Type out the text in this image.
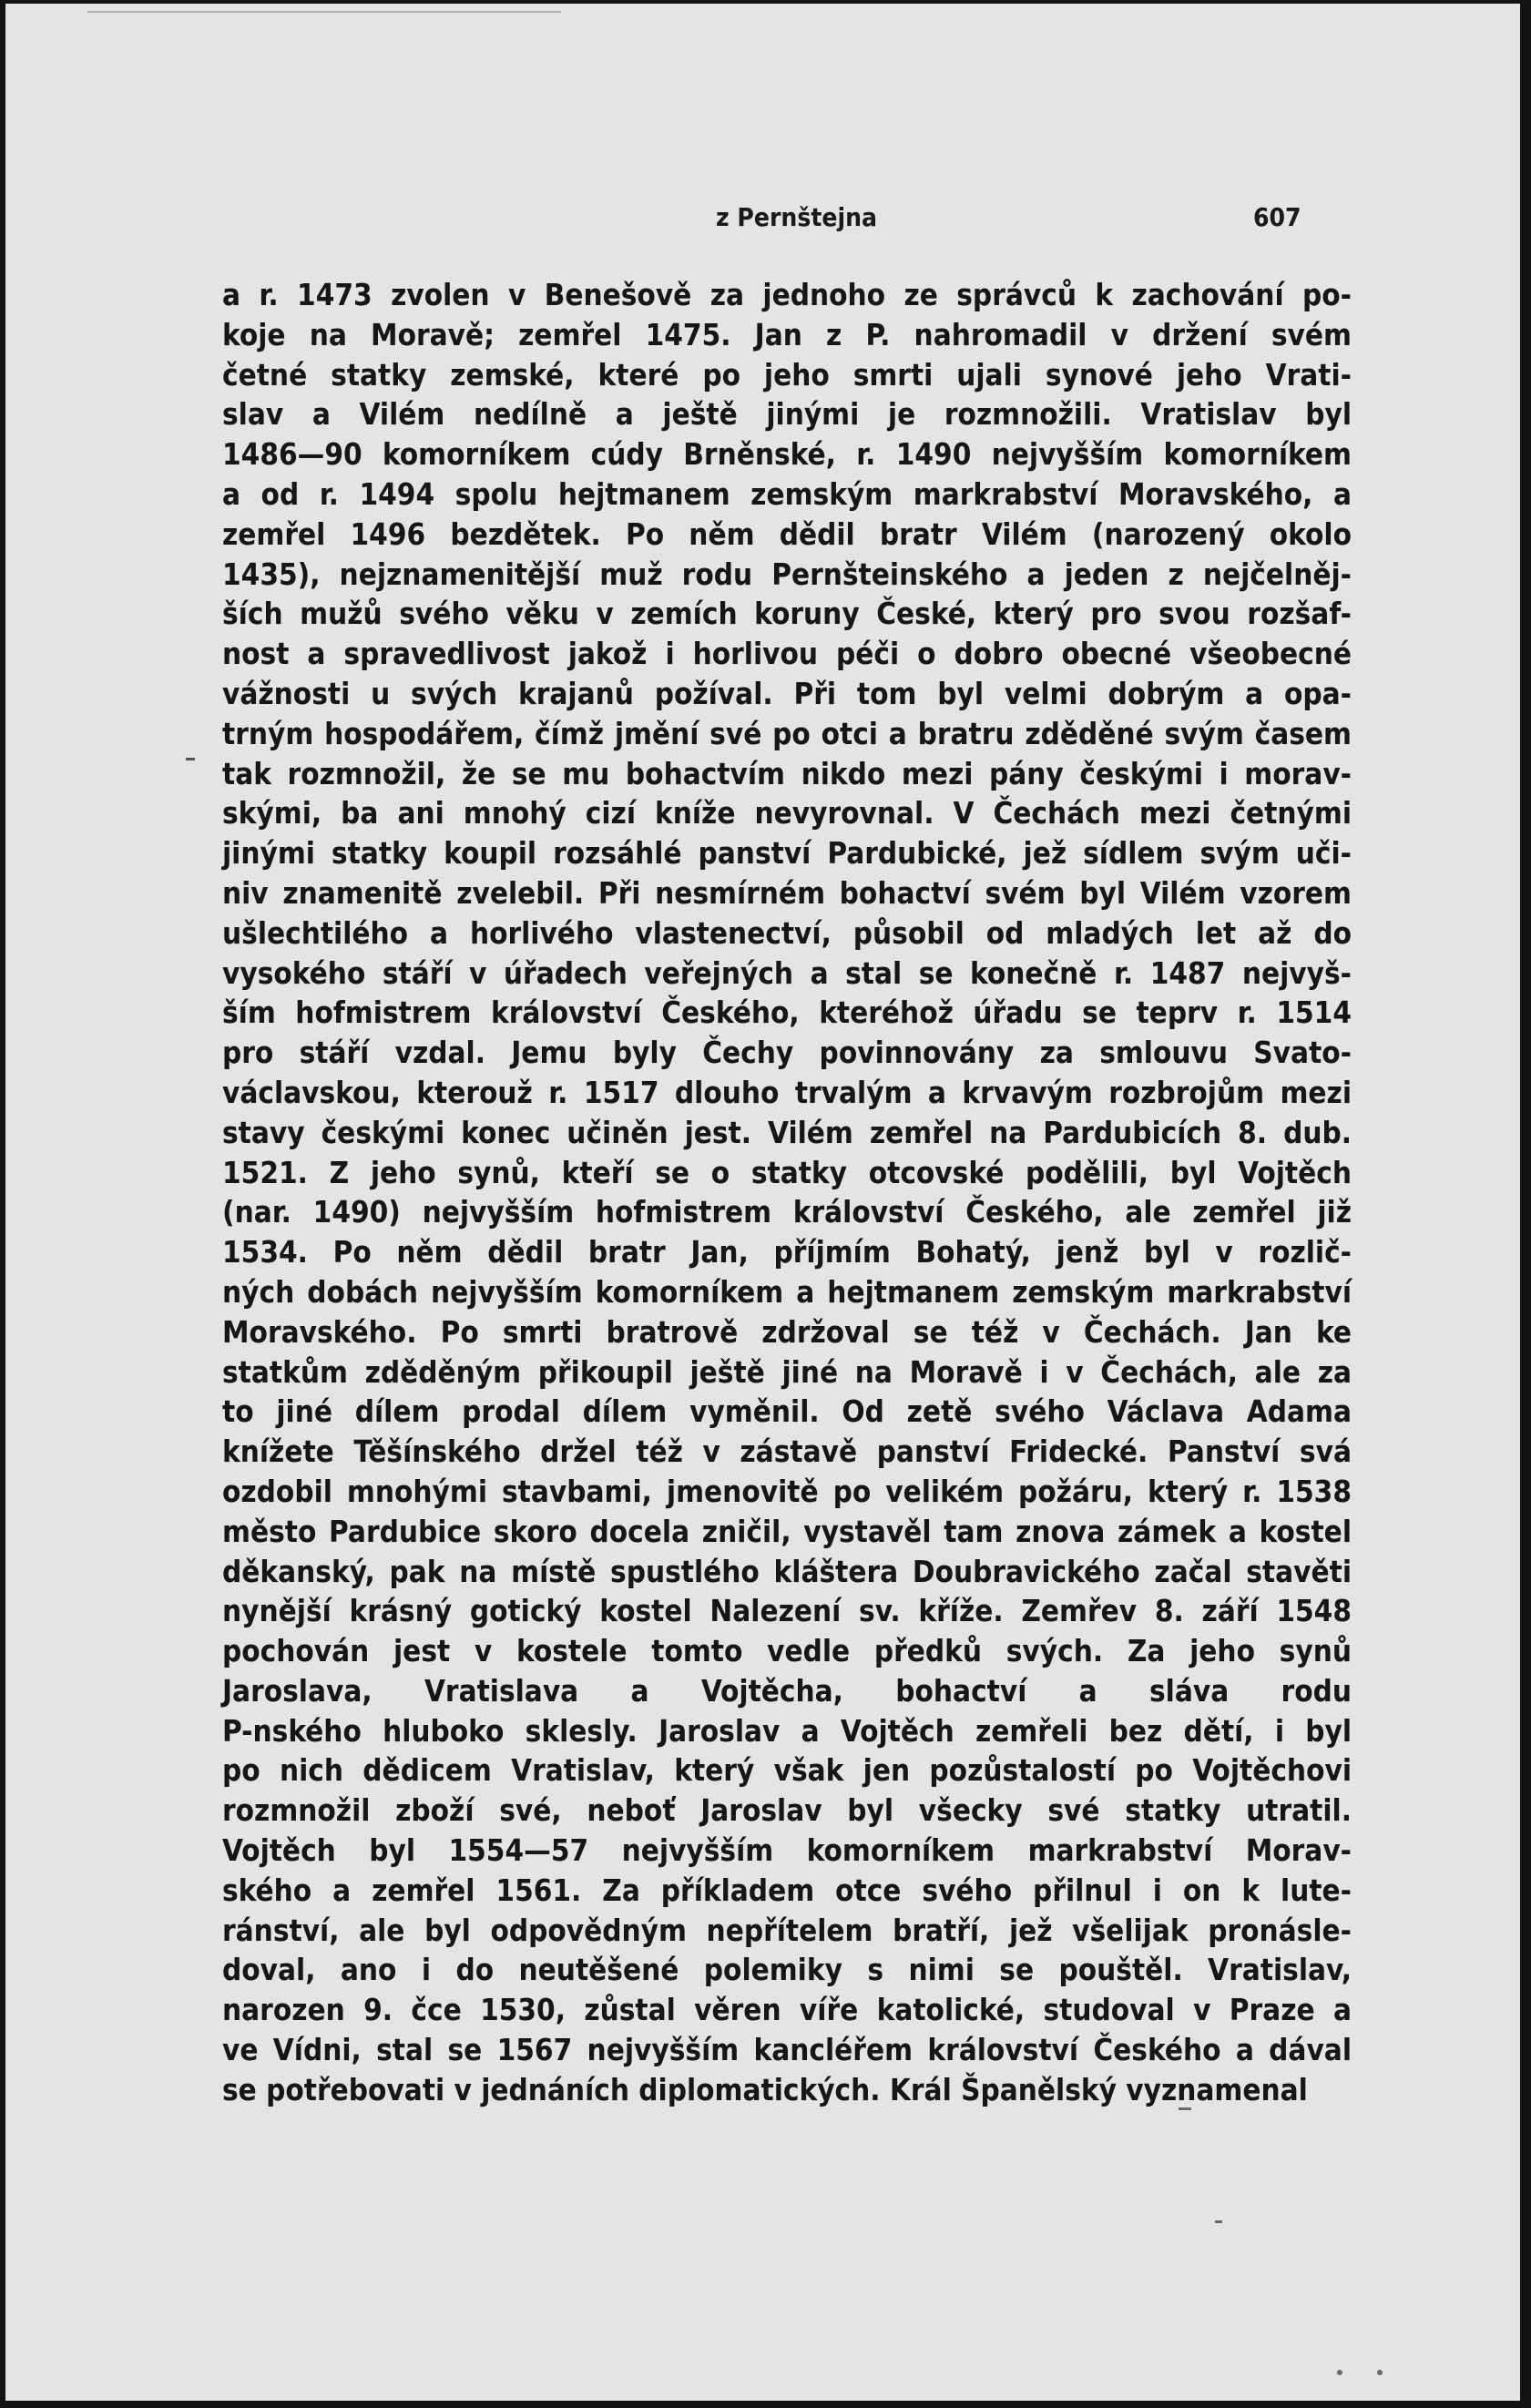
z Pernštejna	607
a r. 1473 zvolen v Benešově za jednoho ze správců k zachování po-
koje na Moravě; zemřel 1475. Jan z P. nahromadil v držení svém
četné statky zemské, které po jeho smrti ujali synové jeho Vrati-
slav a Vilém nedílně a ještě jinými je rozmnožili. Vratislav byl
1486—90 komorníkem cúdy Brněnské, r. 1490 nejvyšším komorníkem
a od r. 1494 spolu hejtmanem zemským markrabství Moravského, a
zemřel 1496 bezdětek. Po něm dědil bratr Vilém (narozený okolo
1435), nejznamenitější muž rodu Pernšteinského a jeden z nejčelněj-
ších mužů svého věku v zemích koruny České, který pro svou rozšaf-
nost a spravedlivost jakož i horlivou péči o dobro obecné všeobecné
vážnosti u svých krajanů požíval. Při tom byl velmi dobrým a opa-
trným hospodářem, čímž jmění své po otci a bratru zděděné svým časem
tak rozmnožil, že se mu bohactvím nikdo mezi pány českými i morav-
skými, ba ani mnohý cizí kníže nevyrovnal. V Čechách mezi četnými
jinými statky koupil rozsáhlé panství Pardubické, jež sídlem svým uči-
niv znamenitě zvelebil. Při nesmírném bohactví svém byl Vilém vzorem
ušlechtilého a horlivého vlastenectví, působil od mladých let až do
vysokého stáří v úřadech veřejných a stal se konečně r. 1487 nejvyš-
ším hofmistrem království Českého, kteréhož úřadu se teprv r. 1514
pro stáří vzdal. Jemu byly Čechy povinnovány za smlouvu Svato-
václavskou, kterouž r. 1517 dlouho trvalým a krvavým rozbrojům mezi
stavy českými konec učiněn jest. Vilém zemřel na Pardubicích 8. dub.
1521. Z jeho synů, kteří se o statky otcovské podělili, byl Vojtěch
(nar. 1490) nejvyšším hofmistrem království Českého, ale zemřel již
1534. Po něm dědil bratr Jan, příjmím Bohatý, jenž byl v rozlič-
ných dobách nejvyšším komorníkem a hejtmanem zemským markrabství
Moravského. Po smrti bratrově zdržoval se též v Čechách. Jan ke
statkům zděděným přikoupil ještě jiné na Moravě i v Čechách, ale za
to jiné dílem prodal dílem vyměnil. Od zetě svého Václava Adama
knížete Těšínského držel též v zástavě panství Fridecké. Panství svá
ozdobil mnohými stavbami, jmenovitě po velikém požáru, který r. 1538
město Pardubice skoro docela zničil, vystavěl tam znova zámek a kostel
děkanský, pak na místě spustlého kláštera Doubravického začal stavěti
nynější krásný gotický kostel Nalezení sv. kříže. Zemřev 8. září 1548
pochován jest v kostele tomto vedle předků svých. Za jeho synů
Jaroslava, Vratislava a Vojtěcha, bohactví a sláva rodu
P-nského hluboko sklesly. Jaroslav a Vojtěch zemřeli bez dětí, i byl
po nich dědicem Vratislav, který však jen pozůstalostí po Vojtěchovi
rozmnožil zboží své, neboť Jaroslav byl všecky své statky utratil.
Vojtěch byl 1554—57 nejvyšším komorníkem markrabství Morav-
ského a zemřel 1561. Za příkladem otce svého přilnul i on k lute-
ránství, ale byl odpovědným nepřítelem bratří, jež všelijak pronásle-
doval, ano i do neutěšené polemiky s nimi se pouštěl. Vratislav,
narozen 9. čce 1530, zůstal věren víře katolické, studoval v Praze a
ve Vídni, stal se 1567 nejvyšším kancléřem království Českého a dával
se potřebovati v jednáních diplomatických. Král Španělský vyznamenal
